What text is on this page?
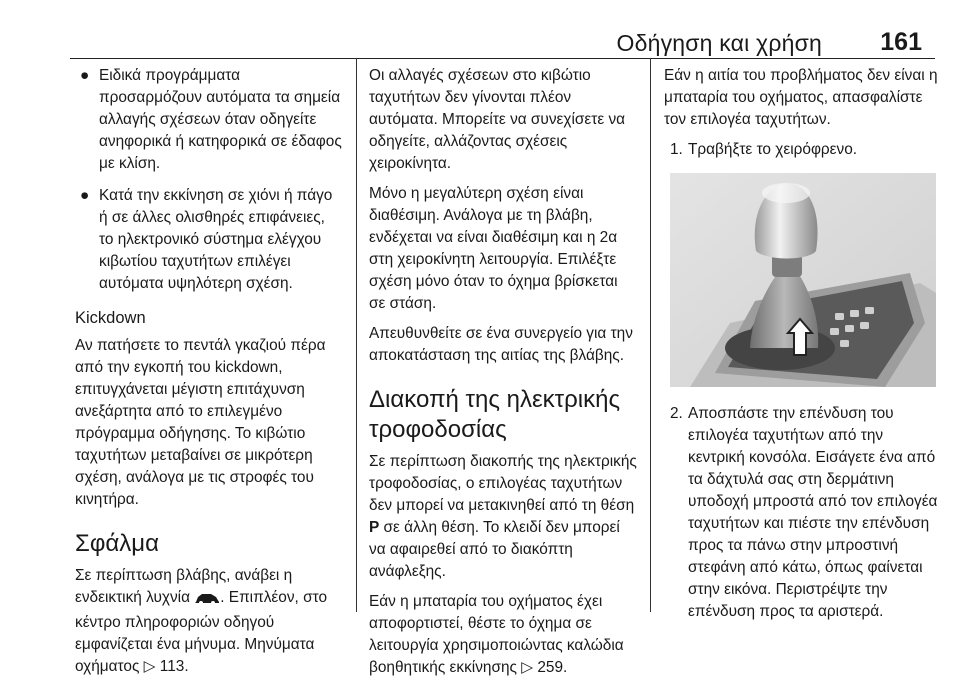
Οδήγηση και χρήση 161
● Ειδικά προγράμματα προσαρμόζουν αυτόματα τα σημεία αλλαγής σχέσεων όταν οδηγείτε ανηφορικά ή κατηφορικά σε έδαφος με κλίση.
● Κατά την εκκίνηση σε χιόνι ή πάγο ή σε άλλες ολισθηρές επιφάνειες, το ηλεκτρονικό σύστημα ελέγχου κιβωτίου ταχυτήτων επιλέγει αυτόματα υψηλότερη σχέση.
Kickdown

Αν πατήσετε το πεντάλ γκαζιού πέρα από την εγκοπή του kickdown, επιτυγχάνεται μέγιστη επιτάχυνση ανεξάρτητα από το επιλεγμένο πρόγραμμα οδήγησης. Το κιβώτιο ταχυτήτων μεταβαίνει σε μικρότερη σχέση, ανάλογα με τις στροφές του κινητήρα.

Σφάλμα

Σε περίπτωση βλάβης, ανάβει η ενδεικτική λυχνία . Επιπλέον, στο κέντρο πληροφοριών οδηγού εμφανίζεται ένα μήνυμα. Μηνύματα οχήματος ▷ 113.

Οι αλλαγές σχέσεων στο κιβώτιο ταχυτήτων δεν γίνονται πλέον αυτόματα. Μπορείτε να συνεχίσετε να οδηγείτε, αλλάζοντας σχέσεις χειροκίνητα.

Μόνο η μεγαλύτερη σχέση είναι διαθέσιμη. Ανάλογα με τη βλάβη, ενδέχεται να είναι διαθέσιμη και η 2α στη χειροκίνητη λειτουργία. Επιλέξτε σχέση μόνο όταν το όχημα βρίσκεται σε στάση.

Απευθυνθείτε σε ένα συνεργείο για την αποκατάσταση της αιτίας της βλάβης.

Διακοπή της ηλεκτρικής τροφοδοσίας

Σε περίπτωση διακοπής της ηλεκτρικής τροφοδοσίας, ο επιλογέας ταχυτήτων δεν μπορεί να μετακινηθεί από τη θέση P σε άλλη θέση. Το κλειδί δεν μπορεί να αφαιρεθεί από το διακόπτη ανάφλεξης.

Εάν η μπαταρία του οχήματος έχει αποφορτιστεί, θέστε το όχημα σε λειτουργία χρησιμοποιώντας καλώδια βοηθητικής εκκίνησης ▷ 259.

Εάν η αιτία του προβλήματος δεν είναι η μπαταρία του οχήματος, απασφαλίστε τον επιλογέα ταχυτήτων.

1. Τραβήξτε το χειρόφρενο.
2. Αποσπάστε την επένδυση του επιλογέα ταχυτήτων από την κεντρική κονσόλα. Εισάγετε ένα από τα δάχτυλά σας στη δερμάτινη υποδοχή μπροστά από τον επιλογέα ταχυτήτων και πιέστε την επένδυση προς τα πάνω στην μπροστινή στεφάνη από κάτω, όπως φαίνεται στην εικόνα. Περιστρέψτε την επένδυση προς τα αριστερά.
